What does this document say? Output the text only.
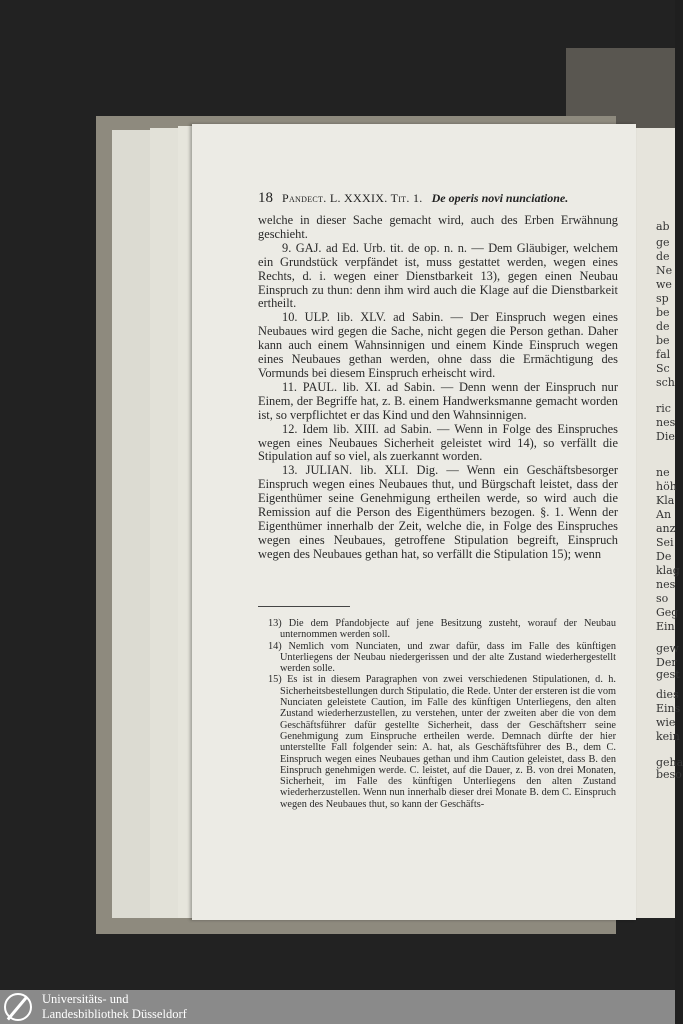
ab
ge
de
Ne
we
sp
be
de
be
fal
Sc
sch
ric
nes
Die
ne
höh
Kla
An
anz
Sei
De
klag
nes
so
Geg
Ein
gew
Der
gest
dies
Eins
wie
kein
geha
beso
18 Pandect. L. XXXIX. Tit. 1. De operis novi nunciatione.

welche in dieser Sache gemacht wird, auch des Erben Erwähnung geschieht.

9. GAJ. ad Ed. Urb. tit. de op. n. n. — Dem Gläubiger, welchem ein Grundstück verpfändet ist, muss gestattet werden, wegen eines Rechts, d. i. wegen einer Dienstbarkeit 13), gegen einen Neubau Einspruch zu thun: denn ihm wird auch die Klage auf die Dienstbarkeit ertheilt.

10. ULP. lib. XLV. ad Sabin. — Der Einspruch wegen eines Neubaues wird gegen die Sache, nicht gegen die Person gethan. Daher kann auch einem Wahnsinnigen und einem Kinde Einspruch wegen eines Neubaues gethan werden, ohne dass die Ermächtigung des Vormunds bei diesem Einspruch erheischt wird.

11. PAUL. lib. XI. ad Sabin. — Denn wenn der Einspruch nur Einem, der Begriffe hat, z. B. einem Handwerksmanne gemacht worden ist, so verpflichtet er das Kind und den Wahnsinnigen.

12. Idem lib. XIII. ad Sabin. — Wenn in Folge des Einspruches wegen eines Neubaues Sicherheit geleistet wird 14), so verfällt die Stipulation auf so viel, als zuerkannt worden.

13. JULIAN. lib. XLI. Dig. — Wenn ein Geschäftsbesorger Einspruch wegen eines Neubaues thut, und Bürgschaft leistet, dass der Eigenthümer seine Genehmigung ertheilen werde, so wird auch die Remission auf die Person des Eigenthümers bezogen. §. 1. Wenn der Eigenthümer innerhalb der Zeit, welche die, in Folge des Einspruches wegen eines Neubaues, getroffene Stipulation begreift, Einspruch wegen des Neubaues gethan hat, so verfällt die Stipulation 15); wenn

13) Die dem Pfandobjecte auf jene Besitzung zusteht, worauf der Neubau unternommen werden soll.

14) Nemlich vom Nunciaten, und zwar dafür, dass im Falle des künftigen Unterliegens der Neubau niedergerissen und der alte Zustand wiederhergestellt werden solle.

15) Es ist in diesem Paragraphen von zwei verschiedenen Stipulationen, d. h. Sicherheitsbestellungen durch Stipulatio, die Rede. Unter der ersteren ist die vom Nunciaten geleistete Caution, im Falle des künftigen Unterliegens, den alten Zustand wiederherzustellen, zu verstehen, unter der zweiten aber die von dem Geschäftsführer dafür gestellte Sicherheit, dass der Geschäftsherr seine Genehmigung zum Einspruche ertheilen werde. Demnach dürfte der hier unterstellte Fall folgender sein: A. hat, als Geschäftsführer des B., dem C. Einspruch wegen eines Neubaues gethan und ihm Caution geleistet, dass B. den Einspruch genehmigen werde. C. leistet, auf die Dauer, z. B. von drei Monaten, Sicherheit, im Falle des künftigen Unterliegens den alten Zustand wiederherzustellen. Wenn nun innerhalb dieser drei Monate B. dem C. Einspruch wegen des Neubaues thut, so kann der Geschäfts-

Universitäts- und
Landesbibliothek Düsseldorf
